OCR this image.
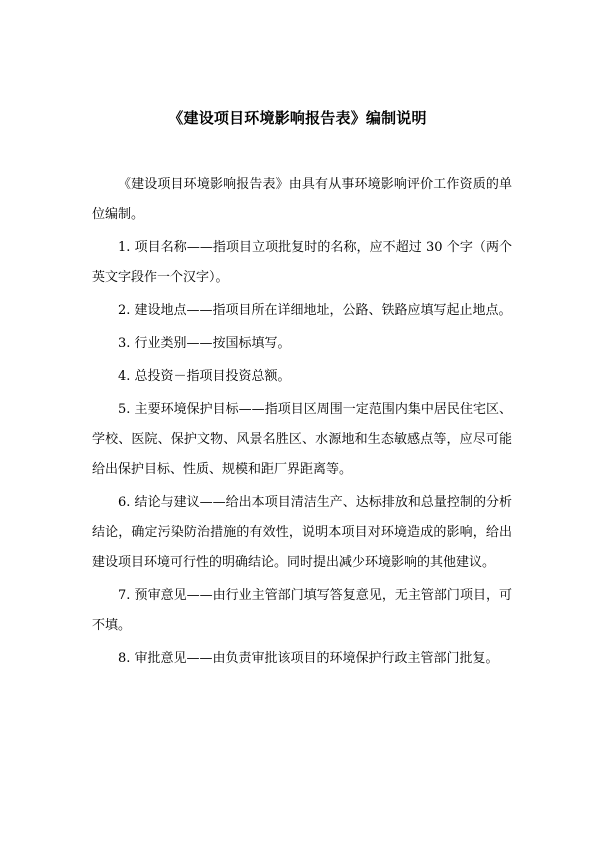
《建设项目环境影响报告表》编制说明

《建设项目环境影响报告表》由具有从事环境影响评价工作资质的单位编制。

1. 项目名称——指项目立项批复时的名称，应不超过 30 个字（两个英文字段作一个汉字）。

2. 建设地点——指项目所在详细地址，公路、铁路应填写起止地点。

3. 行业类别——按国标填写。

4. 总投资－指项目投资总额。

5. 主要环境保护目标——指项目区周围一定范围内集中居民住宅区、学校、医院、保护文物、风景名胜区、水源地和生态敏感点等，应尽可能给出保护目标、性质、规模和距厂界距离等。

6. 结论与建议——给出本项目清洁生产、达标排放和总量控制的分析结论，确定污染防治措施的有效性，说明本项目对环境造成的影响，给出建设项目环境可行性的明确结论。同时提出减少环境影响的其他建议。

7. 预审意见——由行业主管部门填写答复意见，无主管部门项目，可不填。

8. 审批意见——由负责审批该项目的环境保护行政主管部门批复。
